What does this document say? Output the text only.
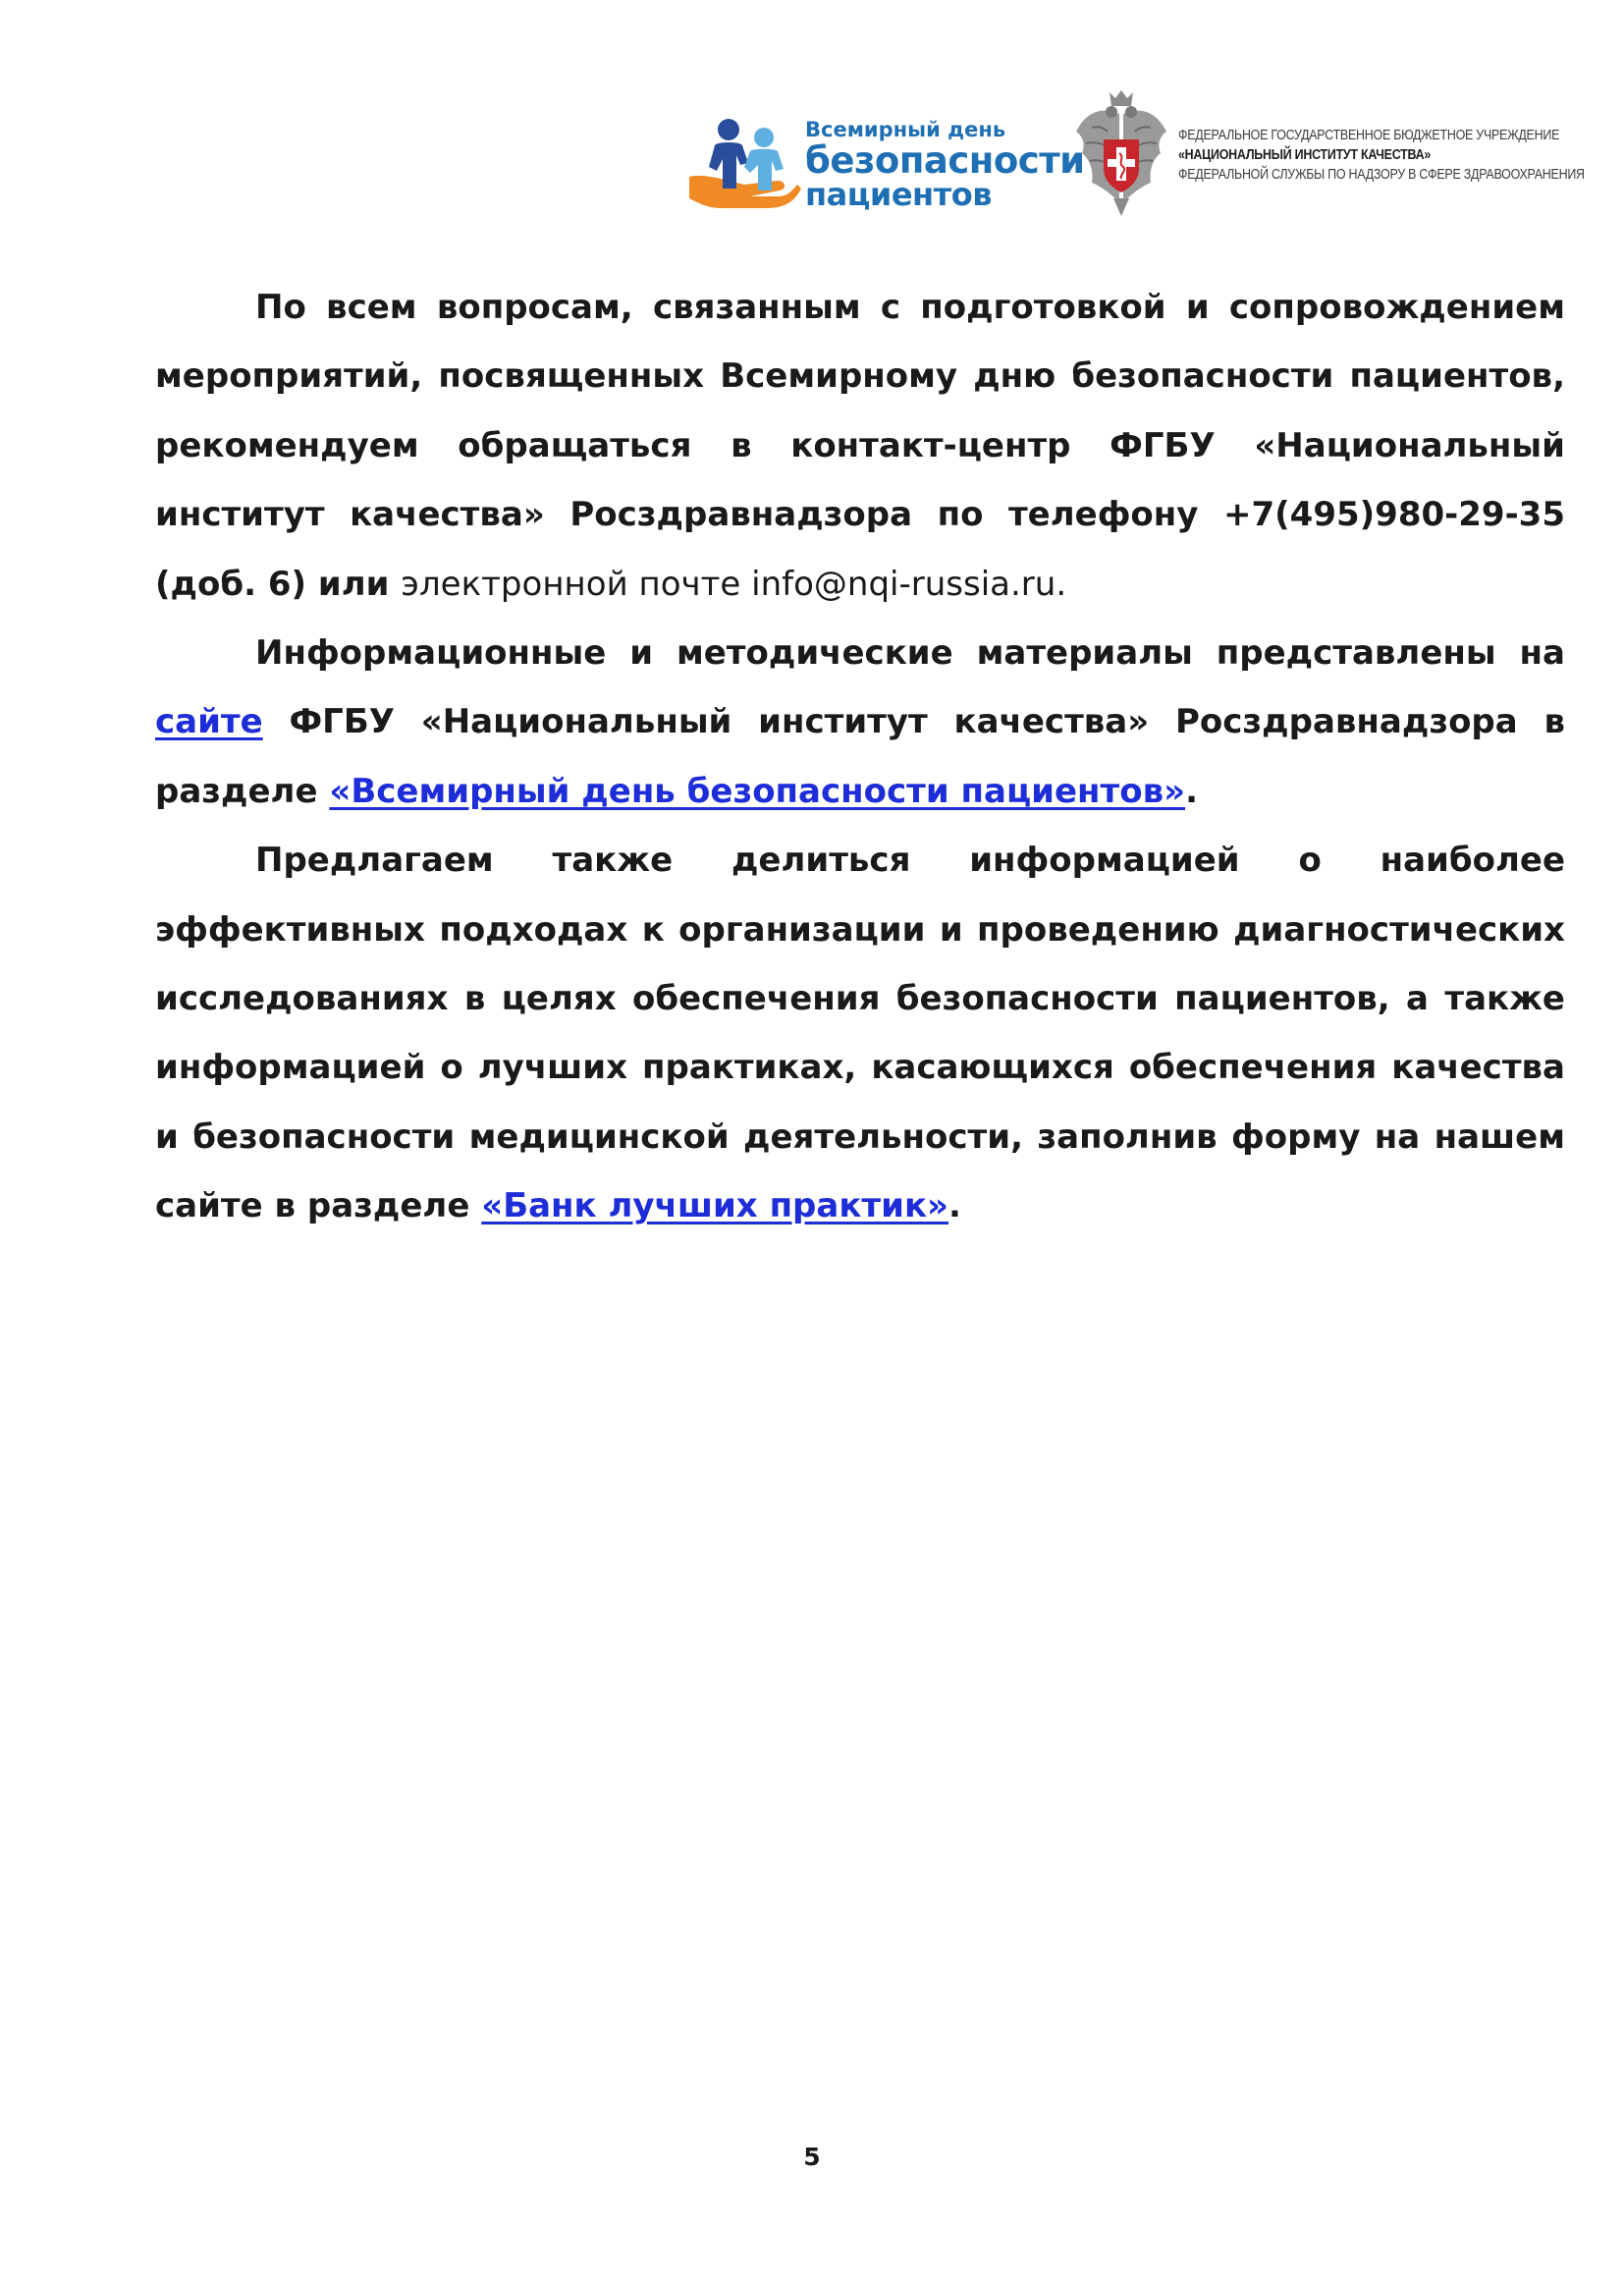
Всемирный день
безопасности
пациентов
ФЕДЕРАЛЬНОЕ ГОСУДАРСТВЕННОЕ БЮДЖЕТНОЕ УЧРЕЖДЕНИЕ
«НАЦИОНАЛЬНЫЙ ИНСТИТУТ КАЧЕСТВА»
ФЕДЕРАЛЬНОЙ СЛУЖБЫ ПО НАДЗОРУ В СФЕРЕ ЗДРАВООХРАНЕНИЯ

По всем вопросам, связанным с подготовкой и сопровождением мероприятий, посвященных Всемирному дню безопасности пациентов, рекомендуем обращаться в контакт-центр ФГБУ «Национальный институт качества» Росздравнадзора по телефону +7(495)980-29-35 (доб. 6) или электронной почте info@nqi-russia.ru.

Информационные и методические материалы представлены на сайте ФГБУ «Национальный институт качества» Росздравнадзора в разделе «Всемирный день безопасности пациентов».

Предлагаем также делиться информацией о наиболее эффективных подходах к организации и проведению диагностических исследованиях в целях обеспечения безопасности пациентов, а также информацией о лучших практиках, касающихся обеспечения качества и безопасности медицинской деятельности, заполнив форму на нашем сайте в разделе «Банк лучших практик».

5
